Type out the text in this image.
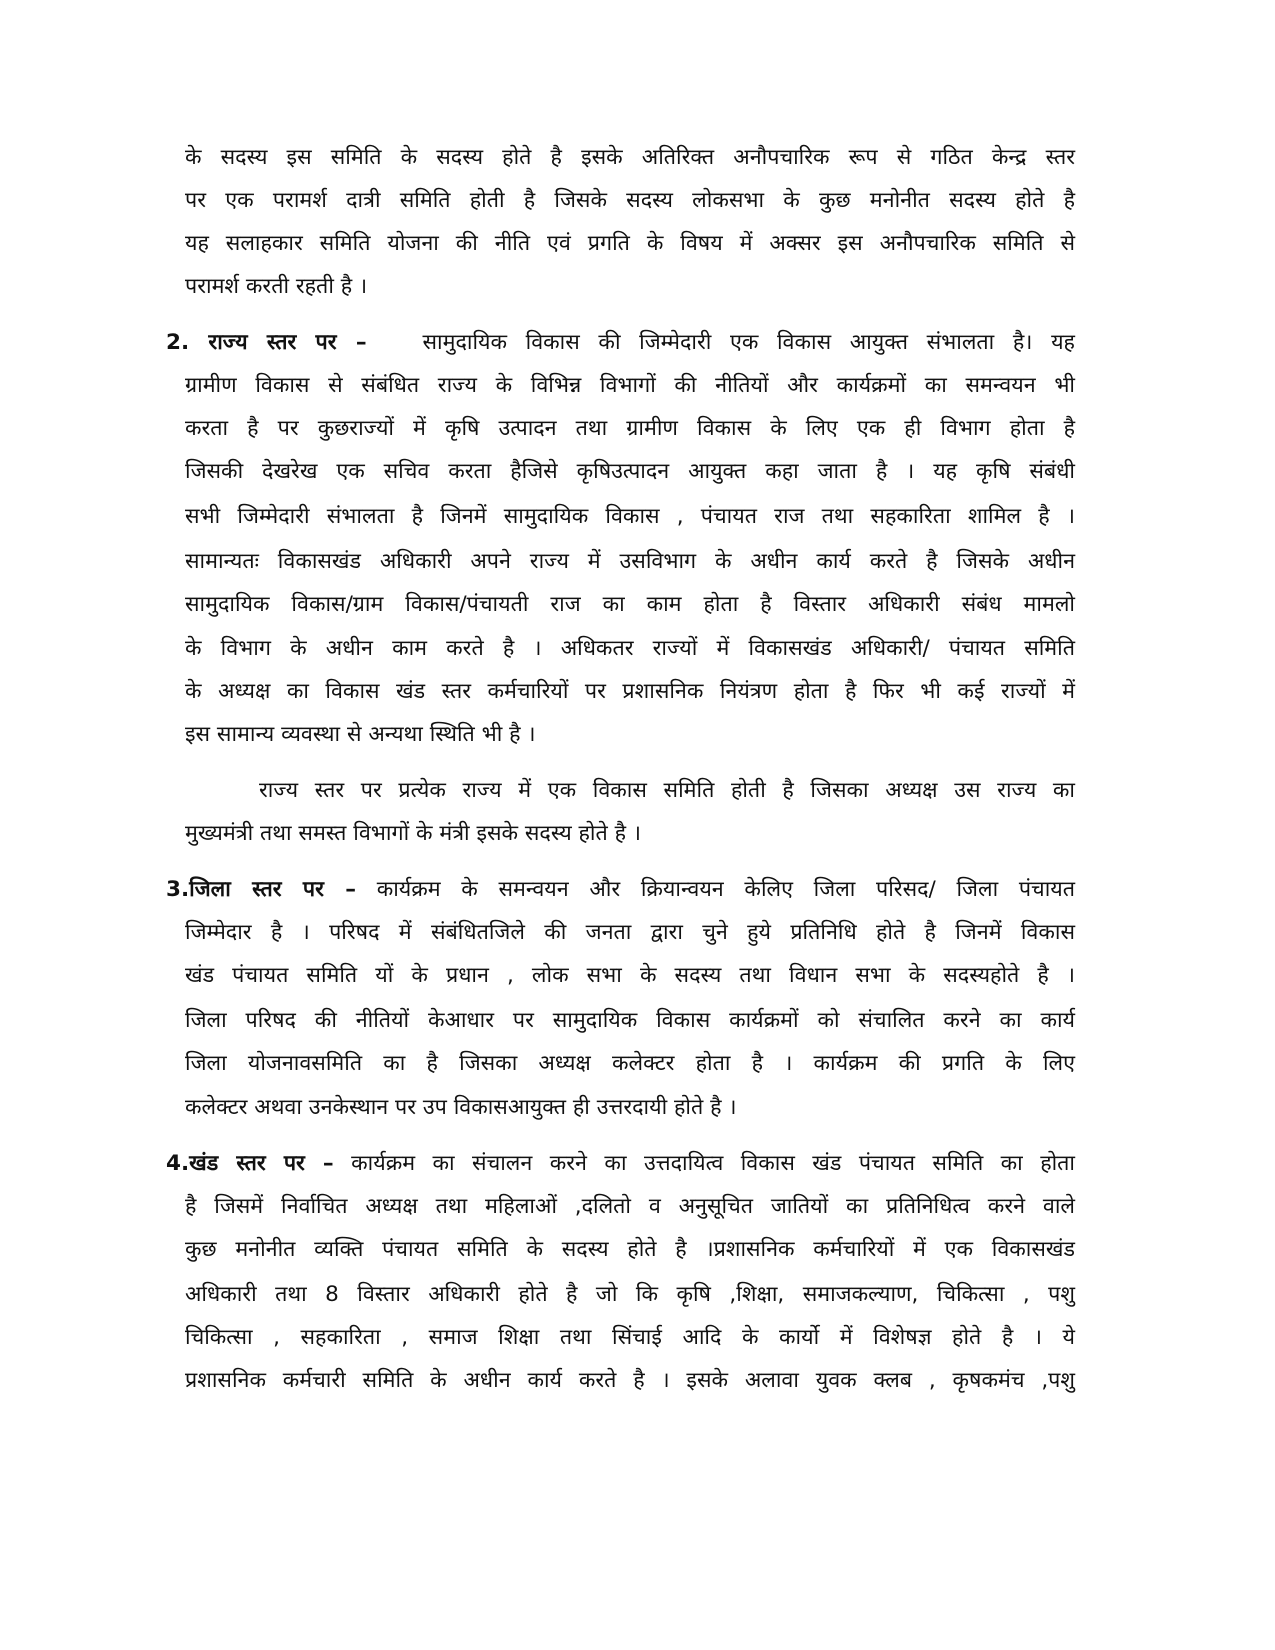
के सदस्य इस समिति के सदस्य होते है इसके अतिरिक्त अनौपचारिक रूप से गठित केन्द्र स्तर
पर एक परामर्श दात्री समिति होती है जिसके सदस्य लोकसभा के कुछ मनोनीत सदस्य होते है
यह सलाहकार समिति योजना की नीति एवं प्रगति के विषय में अक्सर इस अनौपचारिक समिति से
परामर्श करती रहती है ।
2. राज्य स्तर पर –	सामुदायिक विकास की जिम्मेदारी एक विकास आयुक्त संभालता है। यह
ग्रामीण विकास से संबंधित राज्य के विभिन्न विभागों की नीतियों और कार्यक्रमों का समन्वयन भी
करता है पर कुछराज्यों में कृषि उत्पादन तथा ग्रामीण विकास के लिए एक ही विभाग होता है
जिसकी देखरेख एक सचिव करता हैजिसे कृषिउत्पादन आयुक्त कहा जाता है । यह कृषि संबंधी
सभी जिम्मेदारी संभालता है जिनमें सामुदायिक विकास , पंचायत राज तथा सहकारिता शामिल है ।
सामान्यतः विकासखंड अधिकारी अपने राज्य में उसविभाग के अधीन कार्य करते है जिसके अधीन
सामुदायिक विकास/ग्राम विकास/पंचायती राज का काम होता है विस्तार अधिकारी संबंध मामलो
के विभाग के अधीन काम करते है । अधिकतर राज्यों में विकासखंड अधिकारी/ पंचायत समिति
के अध्यक्ष का विकास खंड स्तर कर्मचारियों पर प्रशासनिक नियंत्रण होता है फिर भी कई राज्यों में
इस सामान्य व्यवस्था से अन्यथा स्थिति भी है ।
राज्य स्तर पर प्रत्येक राज्य में एक विकास समिति होती है जिसका अध्यक्ष उस राज्य का
मुख्यमंत्री तथा समस्त विभागों के मंत्री इसके सदस्य होते है ।
3.जिला स्तर पर – कार्यक्रम के समन्वयन और क्रियान्वयन केलिए जिला परिसद/ जिला पंचायत
जिम्मेदार है । परिषद में संबंधितजिले की जनता द्वारा चुने हुये प्रतिनिधि होते है जिनमें विकास
खंड पंचायत समिति यों के प्रधान , लोक सभा के सदस्य तथा विधान सभा के सदस्यहोते है ।
जिला परिषद की नीतियों केआधार पर सामुदायिक विकास कार्यक्रमों को संचालित करने का कार्य
जिला योजनावसमिति का है जिसका अध्यक्ष कलेक्टर होता है । कार्यक्रम की प्रगति के लिए
कलेक्टर अथवा उनकेस्थान पर उप विकासआयुक्त ही उत्तरदायी होते है ।
4.खंड स्तर पर – कार्यक्रम का संचालन करने का उत्तदायित्व विकास खंड पंचायत समिति का होता
है जिसमें निर्वाचित अध्यक्ष तथा महिलाओं ,दलितो व अनुसूचित जातियों का प्रतिनिधित्व करने वाले
कुछ मनोनीत व्यक्ति पंचायत समिति के सदस्य होते है ।प्रशासनिक कर्मचारियों में एक विकासखंड
अधिकारी तथा 8 विस्तार अधिकारी होते है जो कि कृषि ,शिक्षा, समाजकल्याण, चिकित्सा , पशु
चिकित्सा , सहकारिता , समाज शिक्षा तथा सिंचाई आदि के कार्यो में विशेषज्ञ होते है । ये
प्रशासनिक कर्मचारी समिति के अधीन कार्य करते है । इसके अलावा युवक क्लब , कृषकमंच ,पशु
